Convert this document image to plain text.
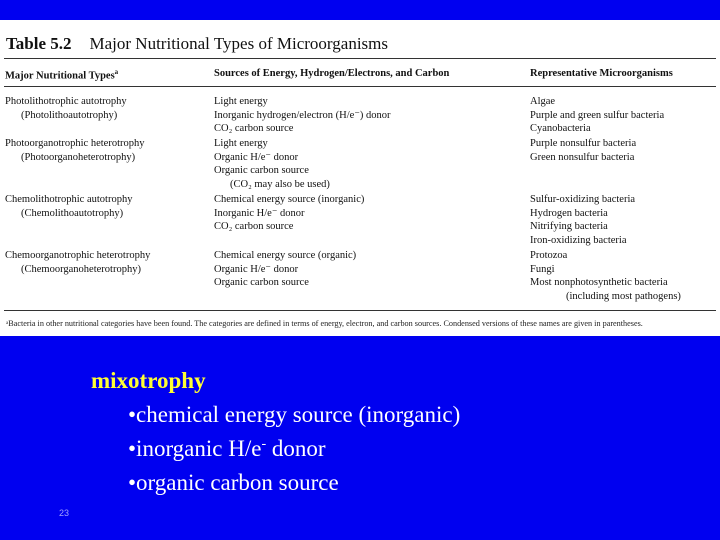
Table 5.2 Major Nutritional Types of Microorganisms
Major Nutritional Types$^a$	Sources of Energy, Hydrogen/Electrons, and Carbon	Representative Microorganisms
Photolithotrophic autotrophy
(Photolithoautotrophy)
Light energy
Inorganic hydrogen/electron (H/e⁻) donor
CO₂ carbon source
Algae
Purple and green sulfur bacteria
Cyanobacteria
Photoorganotrophic heterotrophy
(Photoorganoheterotrophy)
Light energy
Organic H/e⁻ donor
Organic carbon source
(CO₂ may also be used)
Purple nonsulfur bacteria
Green nonsulfur bacteria
Chemolithotrophic autotrophy
(Chemolithoautotrophy)
Chemical energy source (inorganic)
Inorganic H/e⁻ donor
CO₂ carbon source
Sulfur-oxidizing bacteria
Hydrogen bacteria
Nitrifying bacteria
Iron-oxidizing bacteria
Chemoorganotrophic heterotrophy
(Chemoorganoheterotrophy)
Chemical energy source (organic)
Organic H/e⁻ donor
Organic carbon source
Protozoa
Fungi
Most nonphotosynthetic bacteria
(including most pathogens)
ᵃBacteria in other nutritional categories have been found. The categories are defined in terms of energy, electron, and carbon sources. Condensed versions of these names are given in parentheses.
mixotrophy
•chemical energy source (inorganic)
•inorganic H/e- donor
•organic carbon source
23
